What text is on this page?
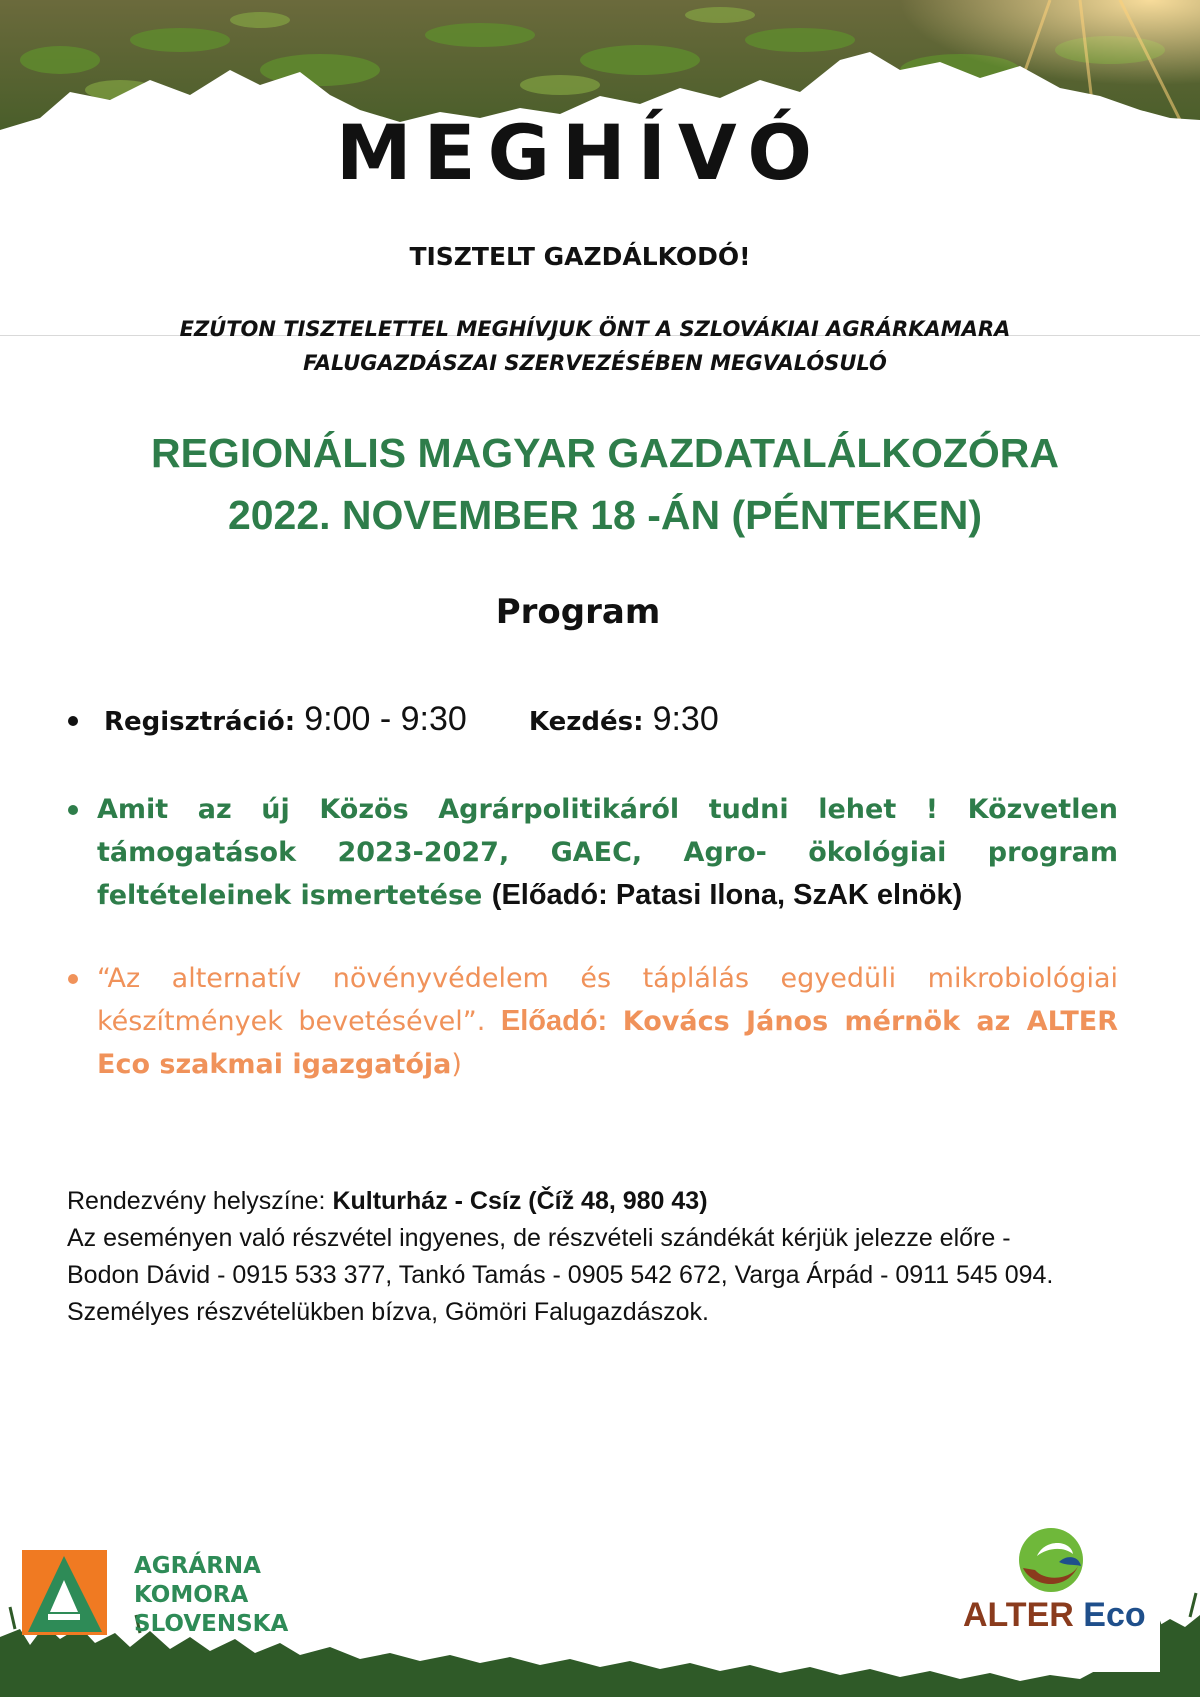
MEGHÍVÓ
TISZTELT GAZDÁLKODÓ!
EZÚTON TISZTELETTEL MEGHÍVJUK ÖNT A SZLOVÁKIAI AGRÁRKAMARA
FALUGAZDÁSZAI SZERVEZÉSÉBEN MEGVALÓSULÓ
REGIONÁLIS MAGYAR GAZDATALÁLKOZÓRA
2022. NOVEMBER 18 -ÁN (PÉNTEKEN)
Program
Regisztráció: 9:00 - 9:30 Kezdés: 9:30
Amit az új Közös Agrárpolitikáról tudni lehet ! Közvetlen támogatások 2023-2027, GAEC, Agro- ökológiai program feltételeinek ismertetése (Előadó: Patasi Ilona, SzAK elnök)
“Az alternatív növényvédelem és táplálás egyedüli mikrobiológiai készítmények bevetésével”. Előadó: Kovács János mérnök az ALTER Eco szakmai igazgatója)

Rendezvény helyszíne: Kulturház - Csíz (Číž 48, 980 43)

Az eseményen való részvétel ingyenes, de részvételi szándékát kérjük jelezze előre -

Bodon Dávid - 0915 533 377, Tankó Tamás - 0905 542 672, Varga Árpád - 0911 545 094.

Személyes részvételükben bízva, Gömöri Falugazdászok.

AGRÁRNA
KOMORA
SLOVENSKA	ALTER Eco
